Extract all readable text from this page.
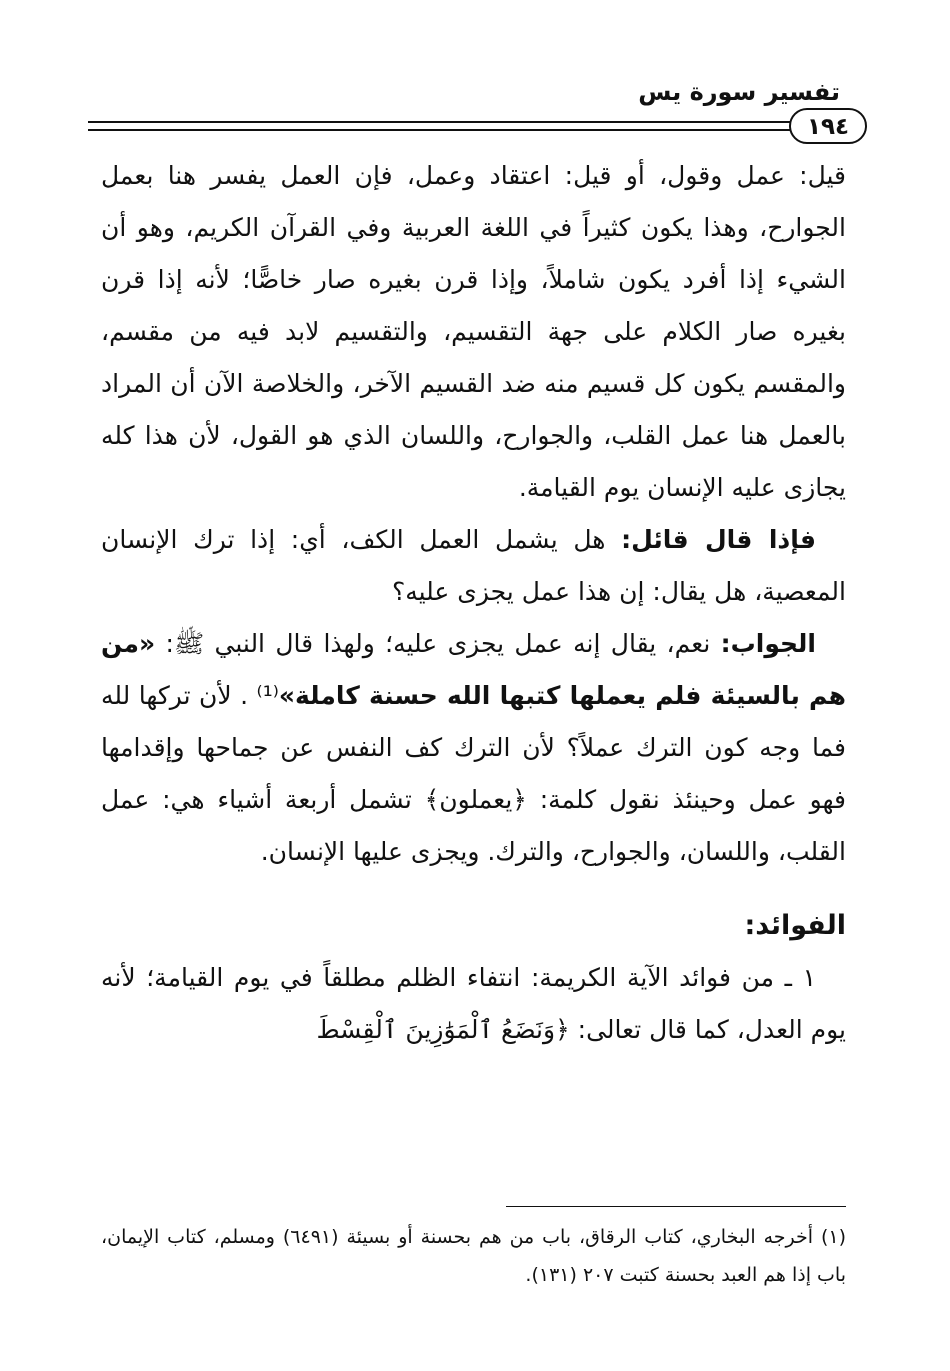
تفسير سورة يس
١٩٤

قيل: عمل وقول، أو قيل: اعتقاد وعمل، فإن العمل يفسر هنا بعمل الجوارح، وهذا يكون كثيراً في اللغة العربية وفي القرآن الكريم، وهو أن الشيء إذا أفرد يكون شاملاً، وإذا قرن بغيره صار خاصًّا؛ لأنه إذا قرن بغيره صار الكلام على جهة التقسيم، والتقسيم لابد فيه من مقسم، والمقسم يكون كل قسيم منه ضد القسيم الآخر، والخلاصة الآن أن المراد بالعمل هنا عمل القلب، والجوارح، واللسان الذي هو القول، لأن هذا كله يجازى عليه الإنسان يوم القيامة.

فإذا قال قائل: هل يشمل العمل الكف، أي: إذا ترك الإنسان المعصية، هل يقال: إن هذا عمل يجزى عليه؟

الجواب: نعم، يقال إنه عمل يجزى عليه؛ ولهذا قال النبي ﷺ: «من هم بالسيئة فلم يعملها كتبها الله حسنة كاملة»⁽¹⁾ . لأن تركها لله فما وجه كون الترك عملاً؟ لأن الترك كف النفس عن جماحها وإقدامها فهو عمل وحينئذ نقول كلمة: ﴿يعملون﴾ تشمل أربعة أشياء هي: عمل القلب، واللسان، والجوارح، والترك. ويجزى عليها الإنسان.

الفوائد:

١ ـ من فوائد الآية الكريمة: انتفاء الظلم مطلقاً في يوم القيامة؛ لأنه يوم العدل، كما قال تعالى: ﴿وَنَضَعُ ٱلْمَوَٰزِينَ ٱلْقِسْطَ

(١) أخرجه البخاري، كتاب الرقاق، باب من هم بحسنة أو بسيئة (٦٤٩١) ومسلم، كتاب الإيمان، باب إذا هم العبد بحسنة كتبت ٢٠٧ (١٣١).
